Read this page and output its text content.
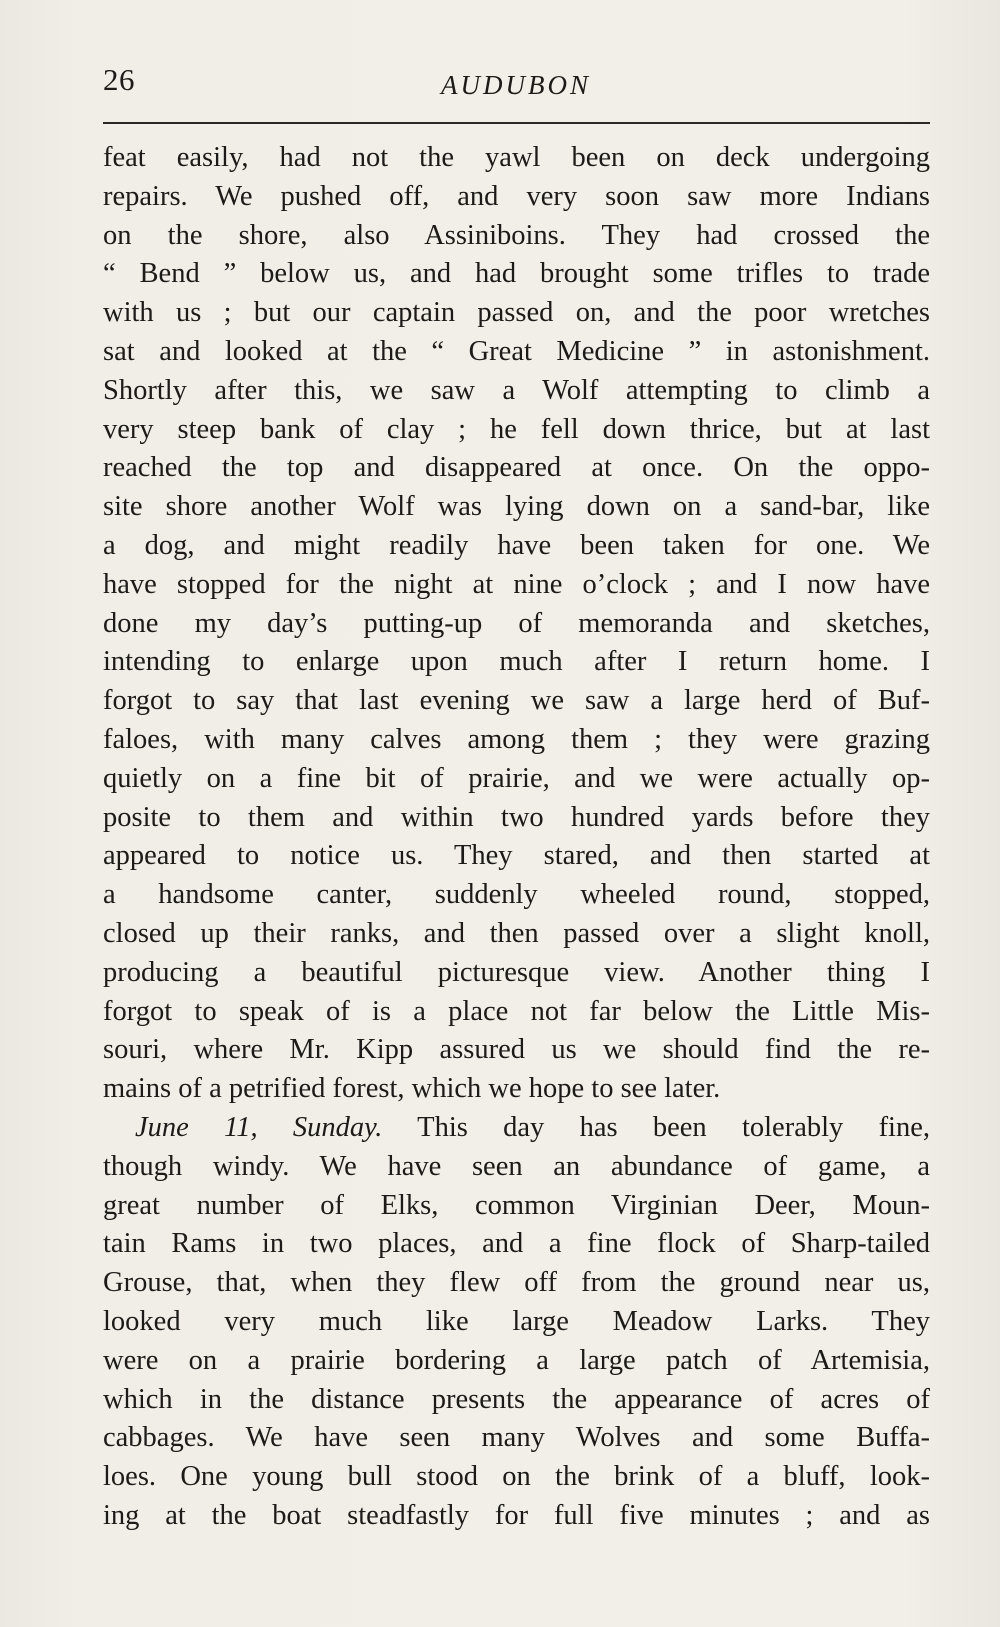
26	AUDUBON
feat easily, had not the yawl been on deck undergoing
repairs. We pushed off, and very soon saw more Indians
on the shore, also Assiniboins. They had crossed the
“ Bend ” below us, and had brought some trifles to trade
with us ; but our captain passed on, and the poor wretches
sat and looked at the “ Great Medicine ” in astonishment.
Shortly after this, we saw a Wolf attempting to climb a
very steep bank of clay ; he fell down thrice, but at last
reached the top and disappeared at once. On the oppo-
site shore another Wolf was lying down on a sand-bar, like
a dog, and might readily have been taken for one. We
have stopped for the night at nine o’clock ; and I now have
done my day’s putting-up of memoranda and sketches,
intending to enlarge upon much after I return home. I
forgot to say that last evening we saw a large herd of Buf-
faloes, with many calves among them ; they were grazing
quietly on a fine bit of prairie, and we were actually op-
posite to them and within two hundred yards before they
appeared to notice us. They stared, and then started at
a handsome canter, suddenly wheeled round, stopped,
closed up their ranks, and then passed over a slight knoll,
producing a beautiful picturesque view. Another thing I
forgot to speak of is a place not far below the Little Mis-
souri, where Mr. Kipp assured us we should find the re-
mains of a petrified forest, which we hope to see later.
June 11, Sunday. This day has been tolerably fine,
though windy. We have seen an abundance of game, a
great number of Elks, common Virginian Deer, Moun-
tain Rams in two places, and a fine flock of Sharp-tailed
Grouse, that, when they flew off from the ground near us,
looked very much like large Meadow Larks. They
were on a prairie bordering a large patch of Artemisia,
which in the distance presents the appearance of acres of
cabbages. We have seen many Wolves and some Buffa-
loes. One young bull stood on the brink of a bluff, look-
ing at the boat steadfastly for full five minutes ; and as
